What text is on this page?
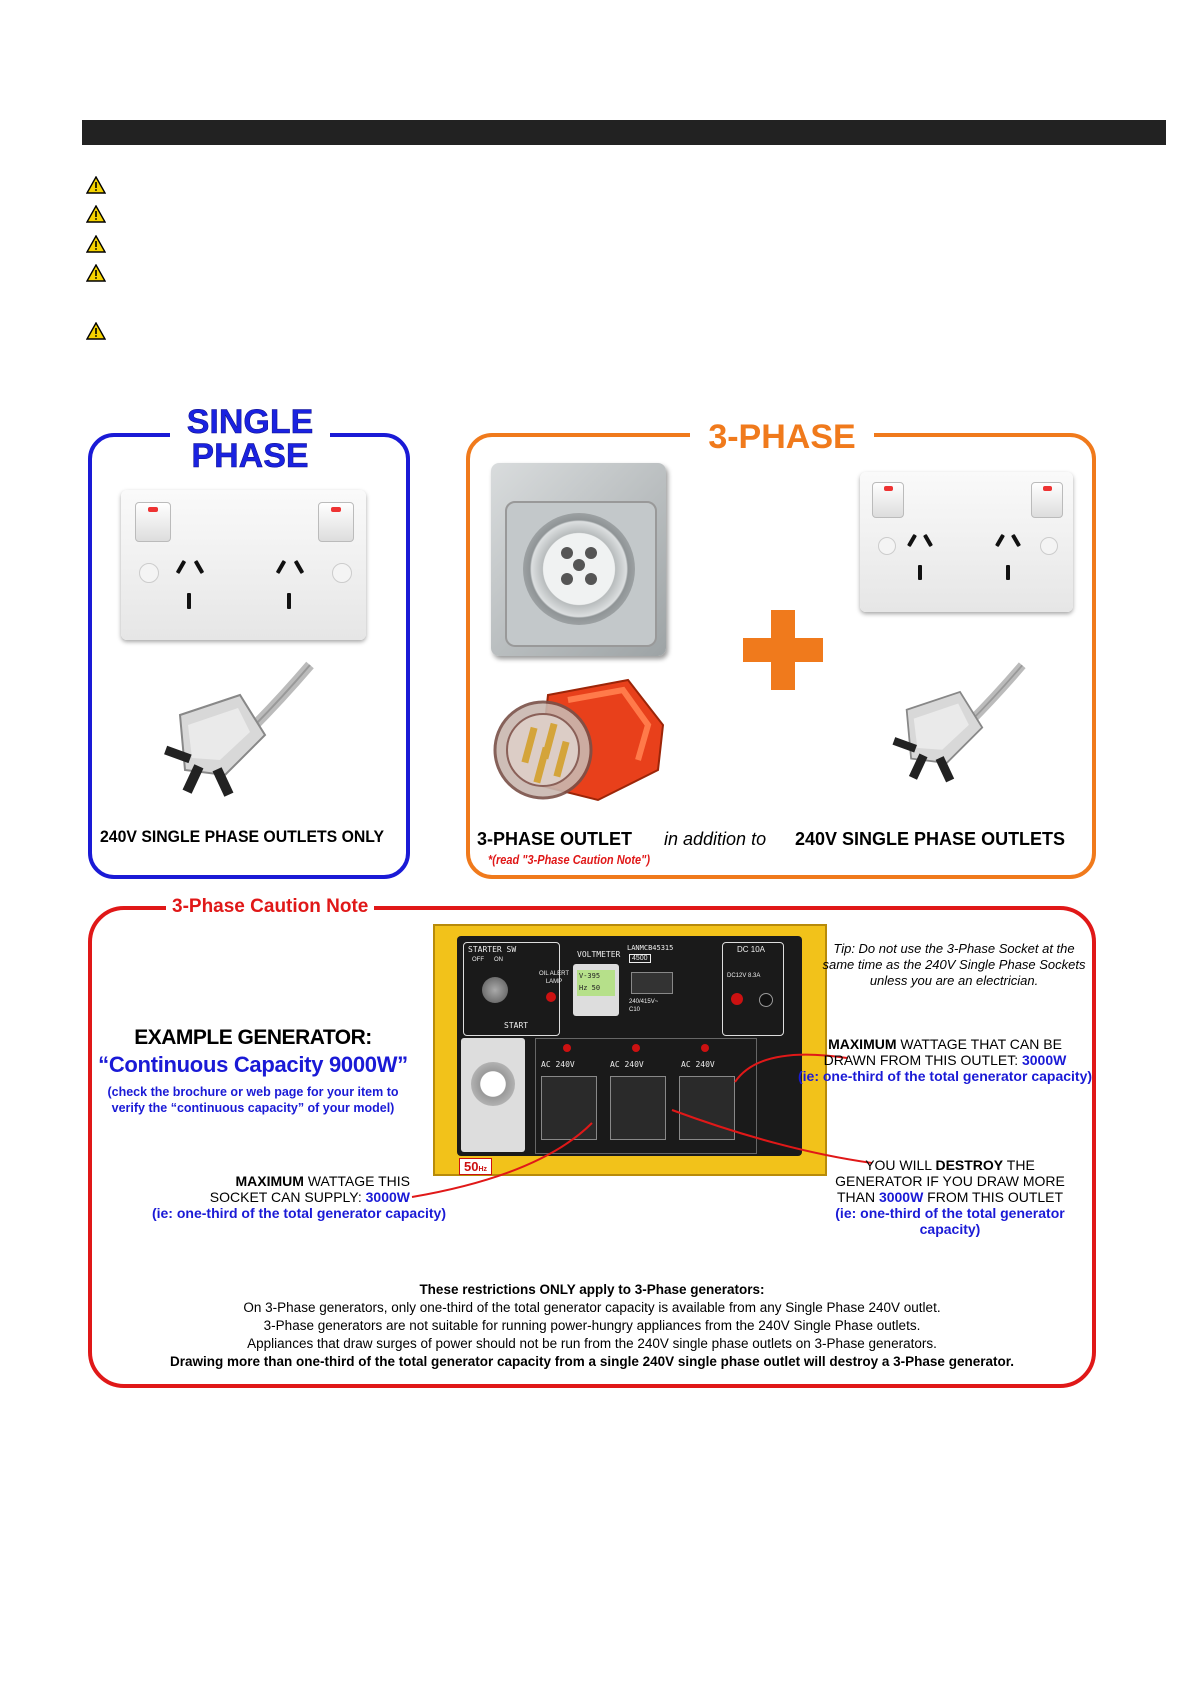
SINGLE
PHASE
240V SINGLE PHASE OUTLETS ONLY
3-PHASE
3-PHASE OUTLET in addition to 240V SINGLE PHASE OUTLETS
*(read "3-Phase Caution Note")
3-Phase Caution Note
EXAMPLE GENERATOR:
“Continuous Capacity 9000W”
(check the brochure or web page for your item to
verify the “continuous capacity” of your model)
STARTER SW
OFF ON
START
OIL ALERT
LAMP
VOLTMETER
V-395
Hz 50
LANMCB45315
4500
240/415V~
C10
DC 10A
DC12V 8.3A
AC 240V	AC 240V	AC 240V
50Hz
Tip: Do not use the 3-Phase Socket at the
same time as the 240V Single Phase Sockets
unless you are an electrician.
MAXIMUM WATTAGE THAT CAN BE
DRAWN FROM THIS OUTLET: 3000W
(ie: one-third of the total generator capacity)
MAXIMUM WATTAGE THIS
SOCKET CAN SUPPLY: 3000W
(ie: one-third of the total generator capacity)
YOU WILL DESTROY THE
GENERATOR IF YOU DRAW MORE
THAN 3000W FROM THIS OUTLET
(ie: one-third of the total generator capacity)
These restrictions ONLY apply to 3-Phase generators:
On 3-Phase generators, only one-third of the total generator capacity is available from any Single Phase 240V outlet.
3-Phase generators are not suitable for running power-hungry appliances from the 240V Single Phase outlets.
Appliances that draw surges of power should not be run from the 240V single phase outlets on 3-Phase generators.
Drawing more than one-third of the total generator capacity from a single 240V single phase outlet will destroy a 3-Phase generator.
